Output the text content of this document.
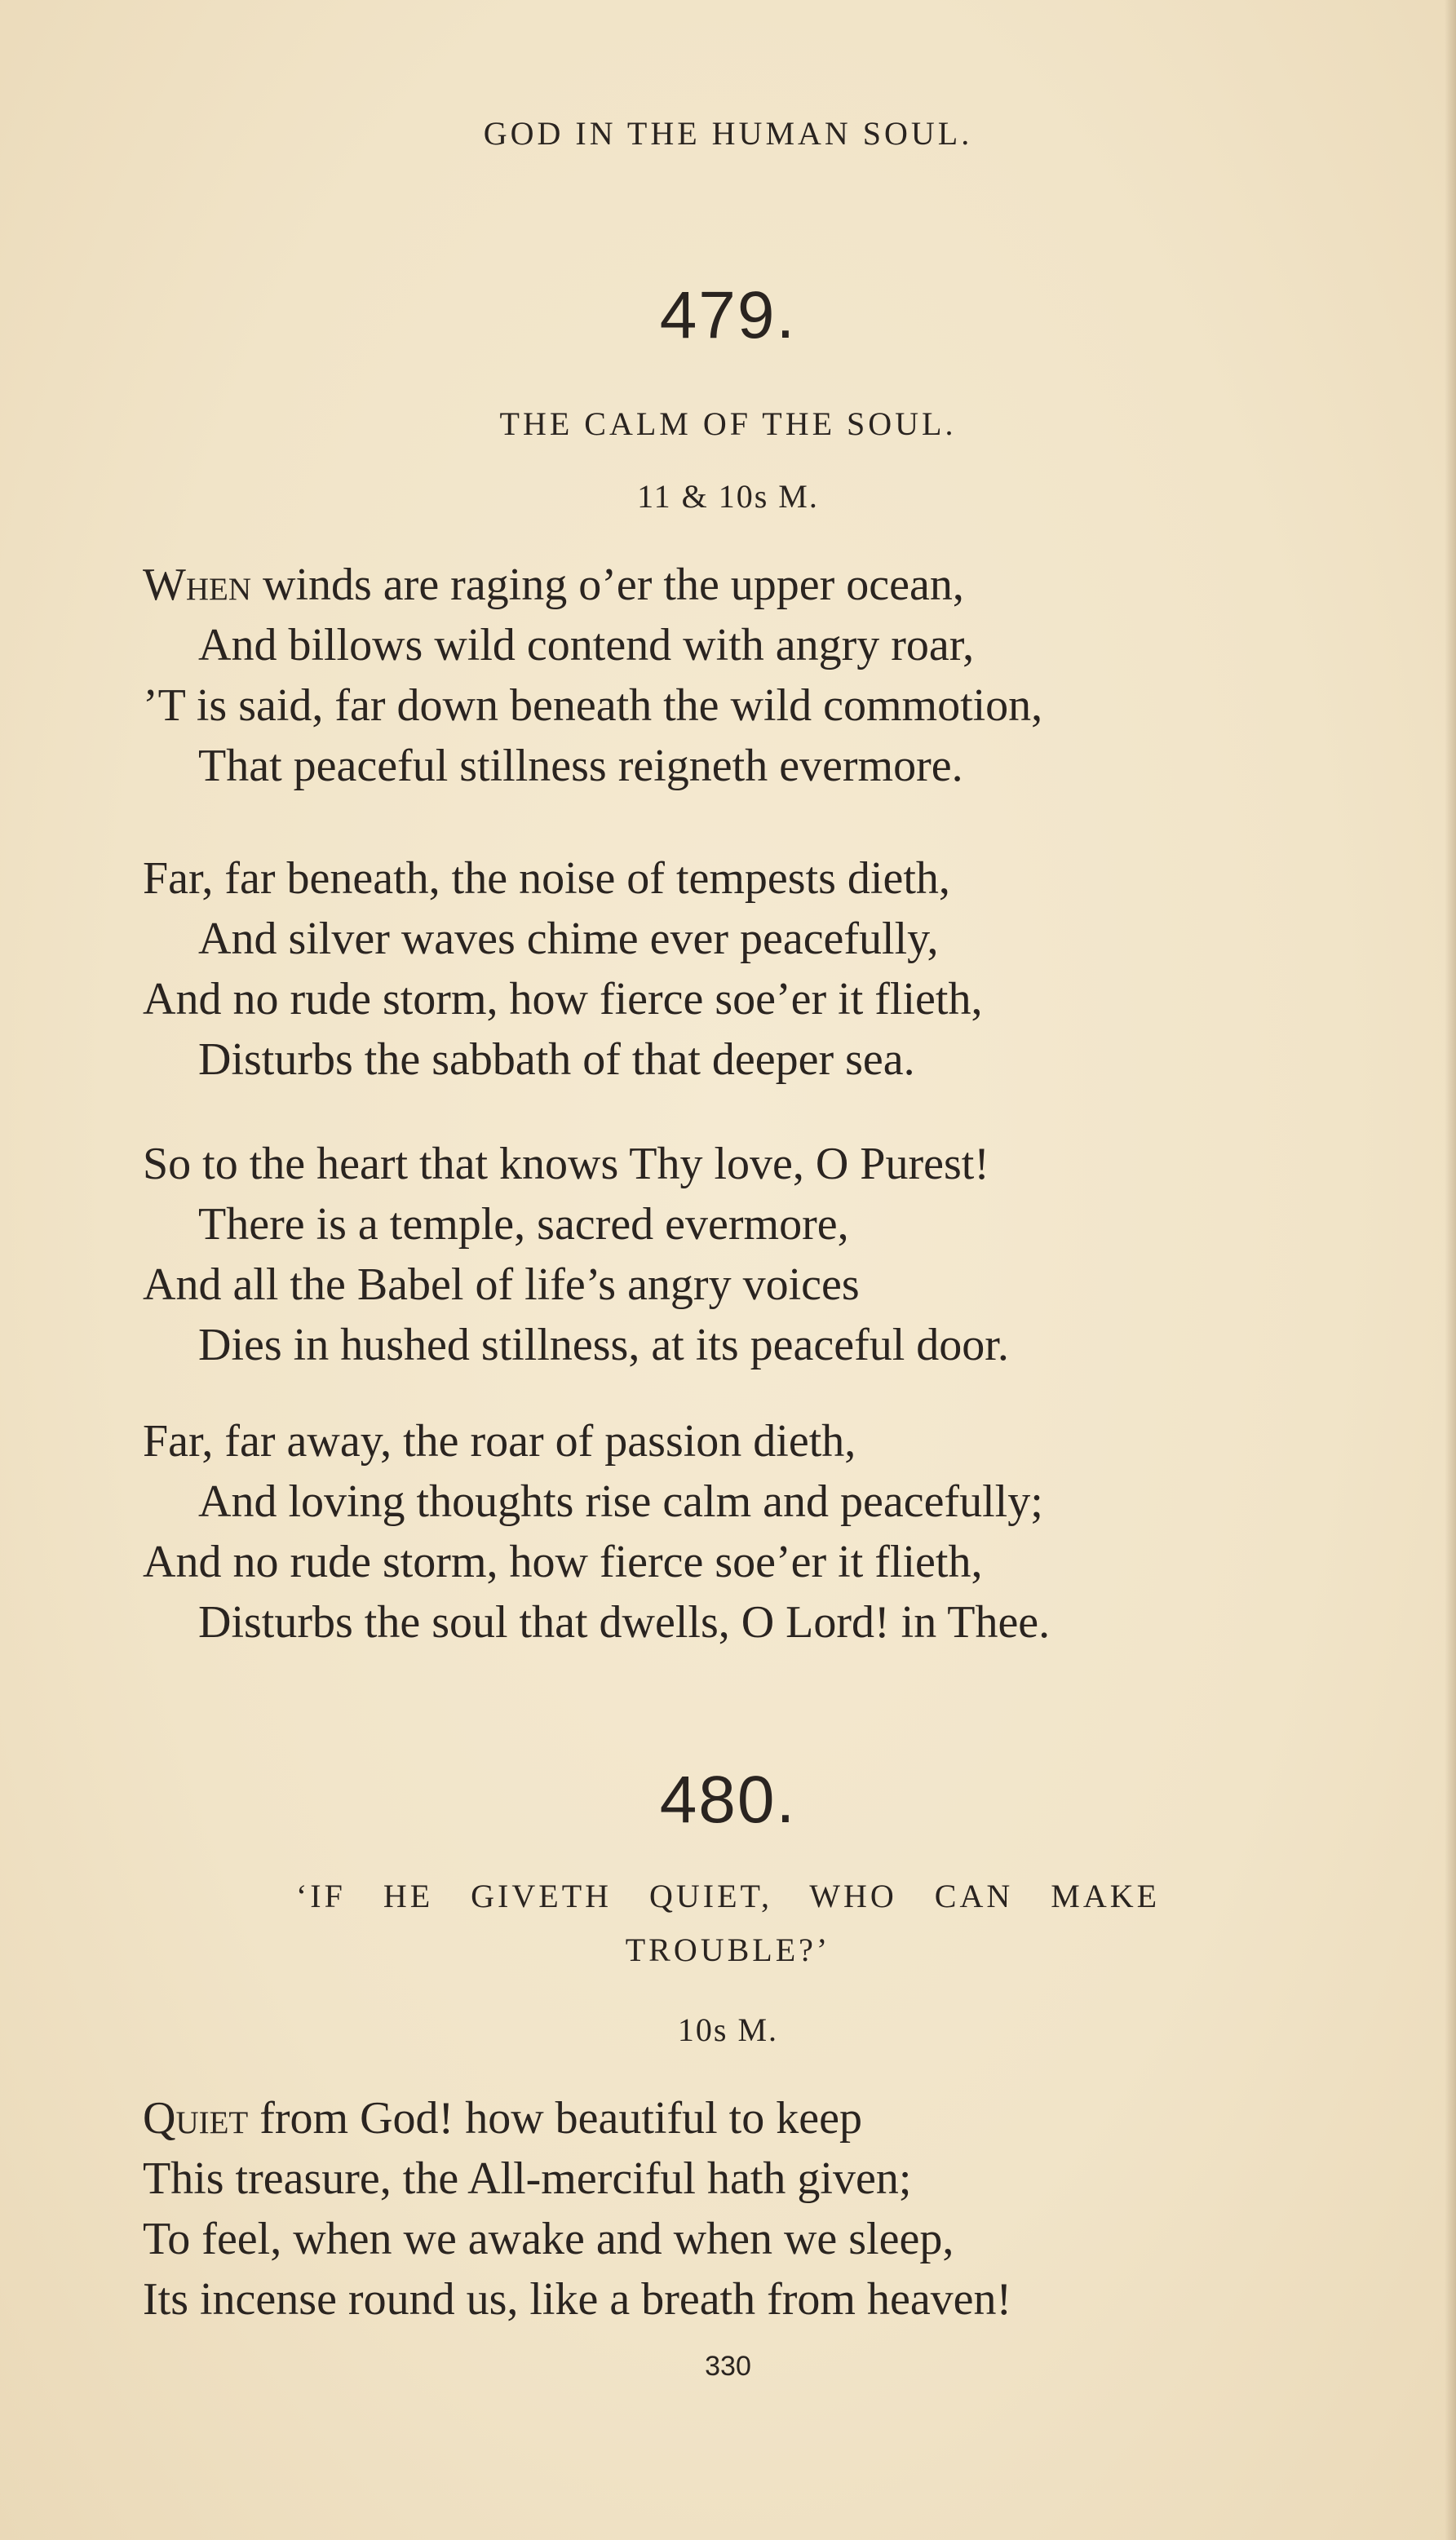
GOD IN THE HUMAN SOUL.
479.
THE CALM OF THE SOUL.
11 & 10s M.
When winds are raging o’er the upper ocean,
And billows wild contend with angry roar,
’T is said, far down beneath the wild commotion,
That peaceful stillness reigneth evermore.
Far, far beneath, the noise of tempests dieth,
And silver waves chime ever peacefully,
And no rude storm, how fierce soe’er it flieth,
Disturbs the sabbath of that deeper sea.
So to the heart that knows Thy love, O Purest!
There is a temple, sacred evermore,
And all the Babel of life’s angry voices
Dies in hushed stillness, at its peaceful door.
Far, far away, the roar of passion dieth,
And loving thoughts rise calm and peacefully;
And no rude storm, how fierce soe’er it flieth,
Disturbs the soul that dwells, O Lord! in Thee.
480.
‘IF HE GIVETH QUIET, WHO CAN MAKE
TROUBLE?’
10s M.
Quiet from God! how beautiful to keep
This treasure, the All-merciful hath given;
To feel, when we awake and when we sleep,
Its incense round us, like a breath from heaven!
330
